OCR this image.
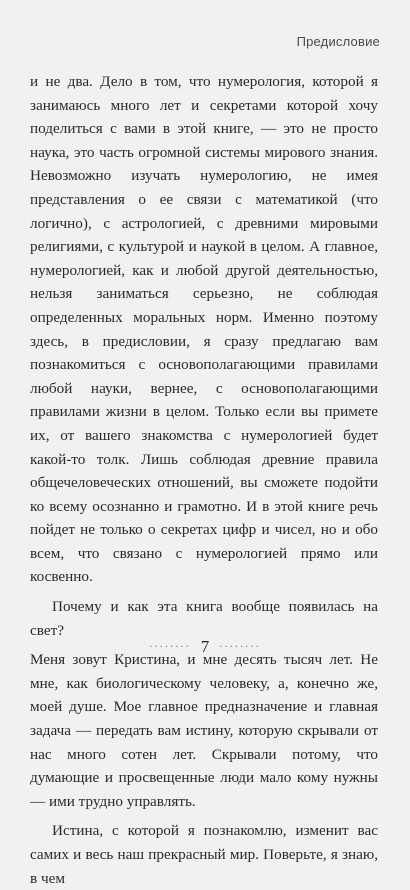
Предисловие

и не два. Дело в том, что нумерология, которой я занимаюсь много лет и секретами которой хочу поделиться с вами в этой книге, — это не просто наука, это часть огромной системы мирового знания. Невозможно изучать нумерологию, не имея представления о ее связи с математикой (что логично), с астрологией, с древними мировыми религиями, с культурой и наукой в целом. А главное, нумерологией, как и любой другой деятельностью, нельзя заниматься серьезно, не соблюдая определенных моральных норм. Именно поэтому здесь, в предисловии, я сразу предлагаю вам познакомиться с основополагающими правилами любой науки, вернее, с основополагающими правилами жизни в целом. Только если вы примете их, от вашего знакомства с нумерологией будет какой-то толк. Лишь соблюдая древние правила общечеловеческих отношений, вы сможете подойти ко всему осознанно и грамотно. И в этой книге речь пойдет не только о секретах цифр и чисел, но и обо всем, что связано с нумерологией прямо или косвенно.

Почему и как эта книга вообще появилась на свет?

Меня зовут Кристина, и мне десять тысяч лет. Не мне, как биологическому человеку, а, конечно же, моей душе. Мое главное предназначение и главная задача — передать вам истину, которую скрывали от нас много сотен лет. Скрывали потому, что думающие и просвещенные люди мало кому нужны — ими трудно управлять.

Истина, с которой я познакомлю, изменит вас самих и весь наш прекрасный мир. Поверьте, я знаю, в чем

········ 7 ········
